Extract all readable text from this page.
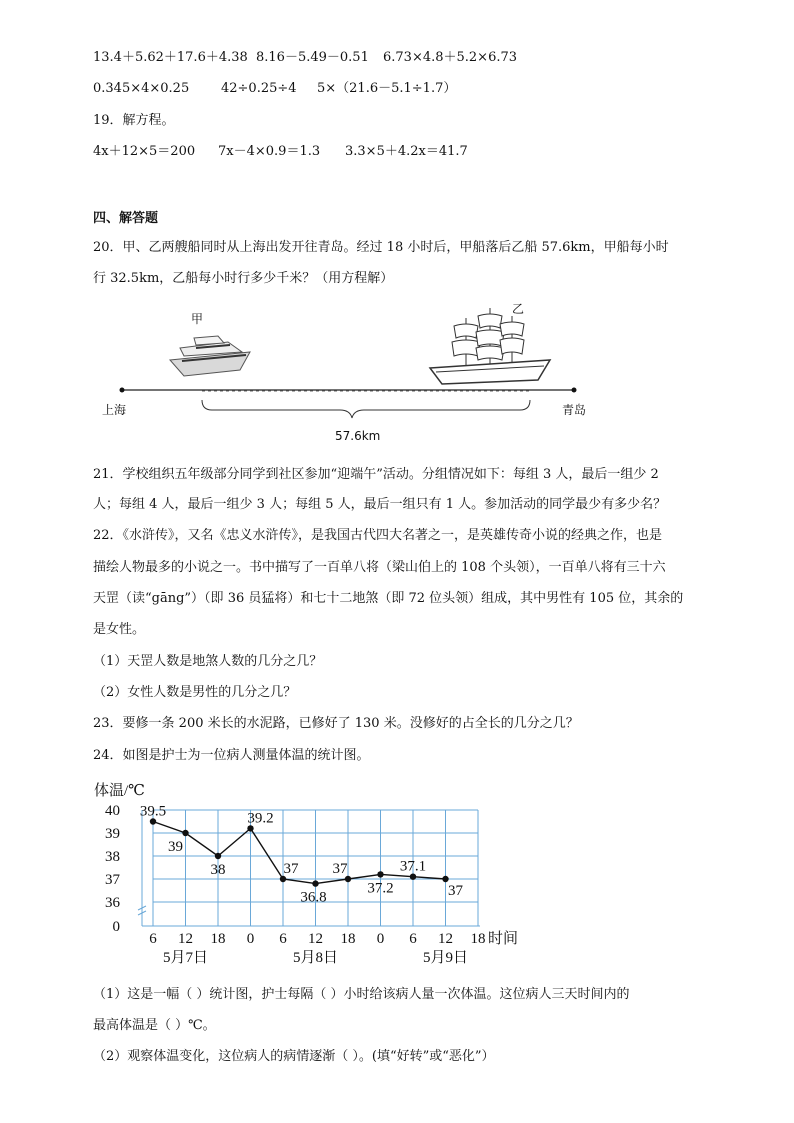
13.4＋5.62＋17.6＋4.38 8.16－5.49－0.51 6.73×4.8＋5.2×6.73
0.345×4×0.25 42÷0.25÷4 5×（21.6－5.1÷1.7）
19．解方程。
4x＋12×5＝200 7x－4×0.9＝1.3 3.3×5＋4.2x＝41.7
四、解答题
20．甲、乙两艘船同时从上海出发开往青岛。经过 18 小时后，甲船落后乙船 57.6km，甲船每小时
行 32.5km，乙船每小时行多少千米？（用方程解）
甲
乙
上海	青岛
57.6km
21．学校组织五年级部分同学到社区参加“迎端午”活动。分组情况如下：每组 3 人，最后一组少 2
人；每组 4 人，最后一组少 3 人；每组 5 人，最后一组只有 1 人。参加活动的同学最少有多少名？
22．《水浒传》，又名《忠义水浒传》，是我国古代四大名著之一，是英雄传奇小说的经典之作，也是
描绘人物最多的小说之一。书中描写了一百单八将（梁山伯上的 108 个头领），一百单八将有三十六
天罡（读“gāng”）（即 36 员猛将）和七十二地煞（即 72 位头领）组成，其中男性有 105 位，其余的
是女性。
（1）天罡人数是地煞人数的几分之几？
（2）女性人数是男性的几分之几？
23．要修一条 200 米长的水泥路，已修好了 130 米。没修好的占全长的几分之几？
24．如图是护士为一位病人测量体温的统计图。
体温/℃
0
36
37
38
39
40
6 12 18 0 6 12 18 0 6 12 18 时间
5月7日	5月8日	5月9日
39.5
39
38
39.2
37
36.8
37
37.2
37.1
37
（1）这是一幅（ ）统计图，护士每隔（ ）小时给该病人量一次体温。这位病人三天时间内的
最高体温是（ ）℃。
（2）观察体温变化，这位病人的病情逐渐（ ）。(填“好转”或“恶化”）
